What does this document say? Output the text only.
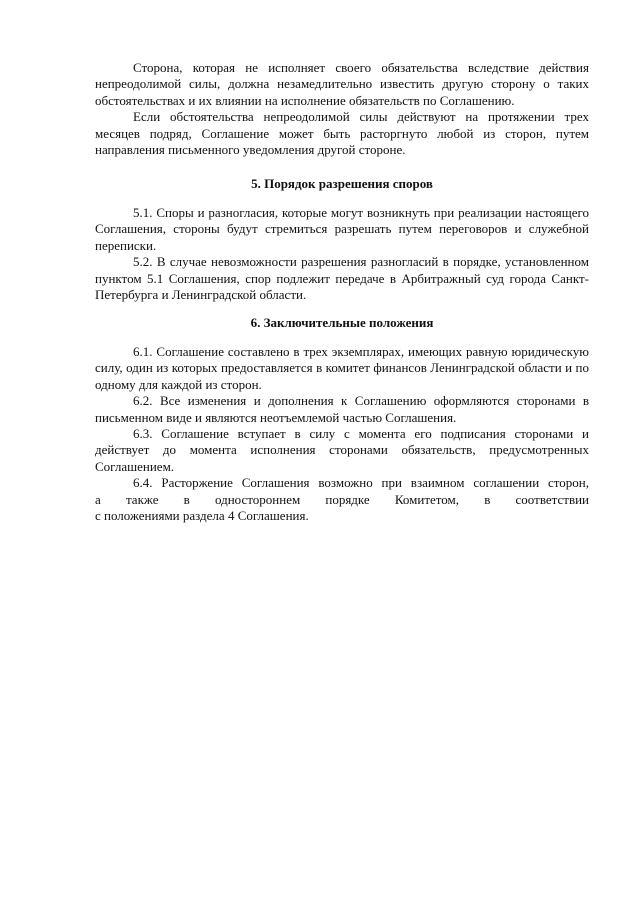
Сторона, которая не исполняет своего обязательства вследствие действия непреодолимой силы, должна незамедлительно известить другую сторону о таких обстоятельствах и их влиянии на исполнение обязательств по Соглашению.

Если обстоятельства непреодолимой силы действуют на протяжении трех месяцев подряд, Соглашение может быть расторгнуто любой из сторон, путем направления письменного уведомления другой стороне.

5. Порядок разрешения споров

5.1. Споры и разногласия, которые могут возникнуть при реализации настоящего Соглашения, стороны будут стремиться разрешать путем переговоров и служебной переписки.

5.2. В случае невозможности разрешения разногласий в порядке, установленном пунктом 5.1 Соглашения, спор подлежит передаче в Арбитражный суд города Санкт-Петербурга и Ленинградской области.

6. Заключительные положения

6.1. Соглашение составлено в трех экземплярах, имеющих равную юридическую силу, один из которых предоставляется в комитет финансов Ленинградской области и по одному для каждой из сторон.

6.2. Все изменения и дополнения к Соглашению оформляются сторонами в письменном виде и являются неотъемлемой частью Соглашения.

6.3. Соглашение вступает в силу с момента его подписания сторонами и действует до момента исполнения сторонами обязательств, предусмотренных Соглашением.

6.4. Расторжение Соглашения возможно при взаимном соглашении сторон,

а также в одностороннем порядке Комитетом, в соответствии

с положениями раздела 4 Соглашения.
